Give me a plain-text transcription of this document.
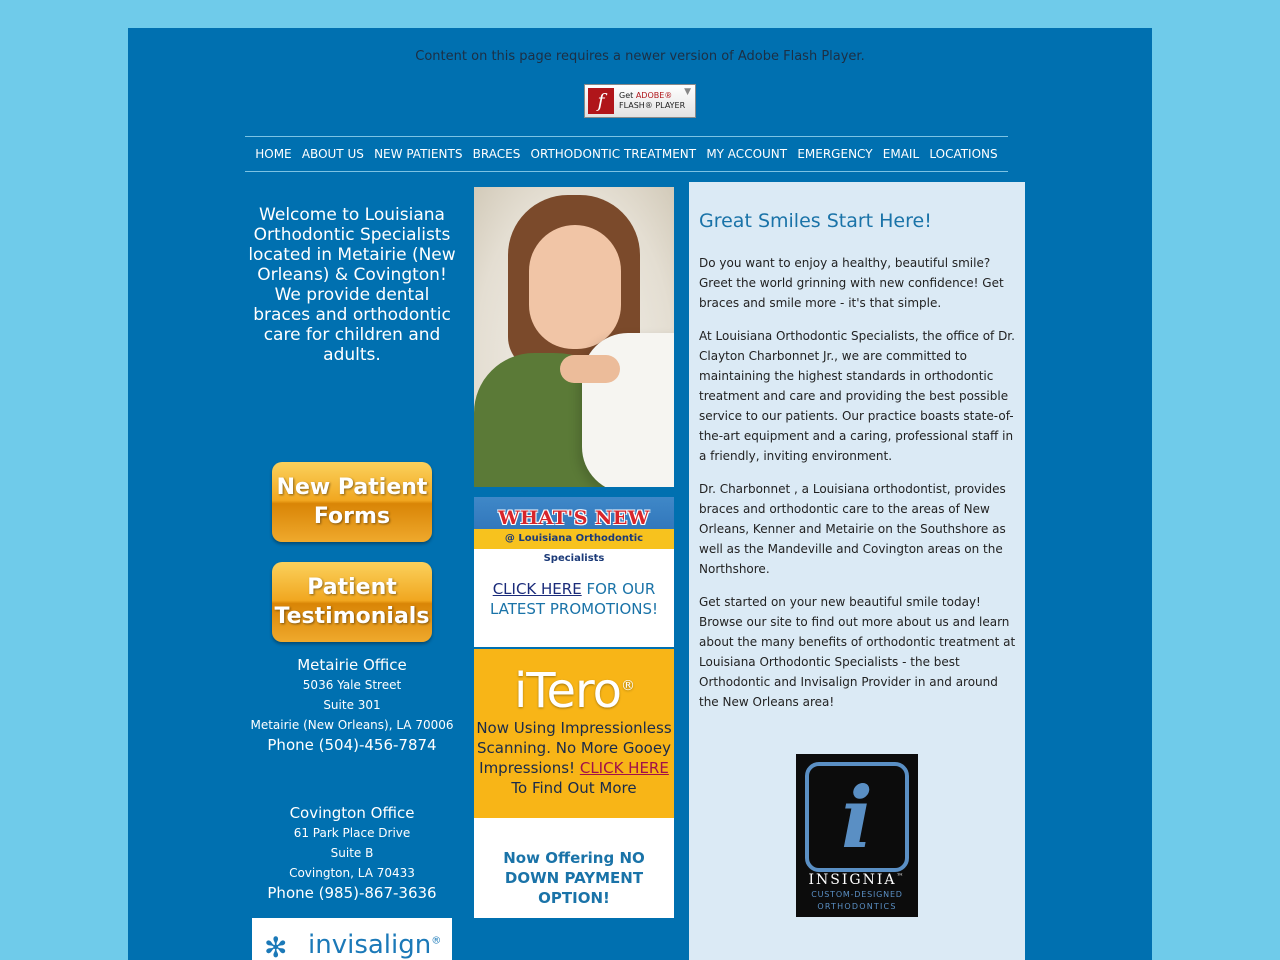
Content on this page requires a newer version of Adobe Flash Player.
f	Get ADOBE®
FLASH® PLAYER
▼
HOME ABOUT US NEW PATIENTS BRACES ORTHODONTIC TREATMENT MY ACCOUNT EMERGENCY EMAIL LOCATIONS
Welcome to Louisiana Orthodontic Specialists located in Metairie (New Orleans) & Covington! We provide dental braces and orthodontic care for children and adults.
New Patient
Forms
Patient
Testimonials
Metairie Office
5036 Yale Street
Suite 301
Metairie (New Orleans), LA 70006
Phone (504)-456-7874
Covington Office
61 Park Place Drive
Suite B
Covington, LA 70433
Phone (985)-867-3636
✻ invisalign®
WHAT'S NEW
@ Louisiana Orthodontic Specialists
CLICK HERE FOR OUR LATEST PROMOTIONS!
iTero®
Now Using Impressionless Scanning. No More Gooey Impressions! CLICK HERE To Find Out More
Now Offering NO DOWN PAYMENT OPTION!
Great Smiles Start Here!

Do you want to enjoy a healthy, beautiful smile? Greet the world grinning with new confidence! Get braces and smile more - it's that simple.

At Louisiana Orthodontic Specialists, the office of Dr. Clayton Charbonnet Jr., we are committed to maintaining the highest standards in orthodontic treatment and care and providing the best possible service to our patients. Our practice boasts state-of-the-art equipment and a caring, professional staff in a friendly, inviting environment.

Dr. Charbonnet , a Louisiana orthodontist, provides braces and orthodontic care to the areas of New Orleans, Kenner and Metairie on the Southshore as well as the Mandeville and Covington areas on the Northshore.

Get started on your new beautiful smile today! Browse our site to find out more about us and learn about the many benefits of orthodontic treatment at Louisiana Orthodontic Specialists - the best Orthodontic and Invisalign Provider in and around the New Orleans area!

i
INSIGNIA™
CUSTOM-DESIGNED
ORTHODONTICS
